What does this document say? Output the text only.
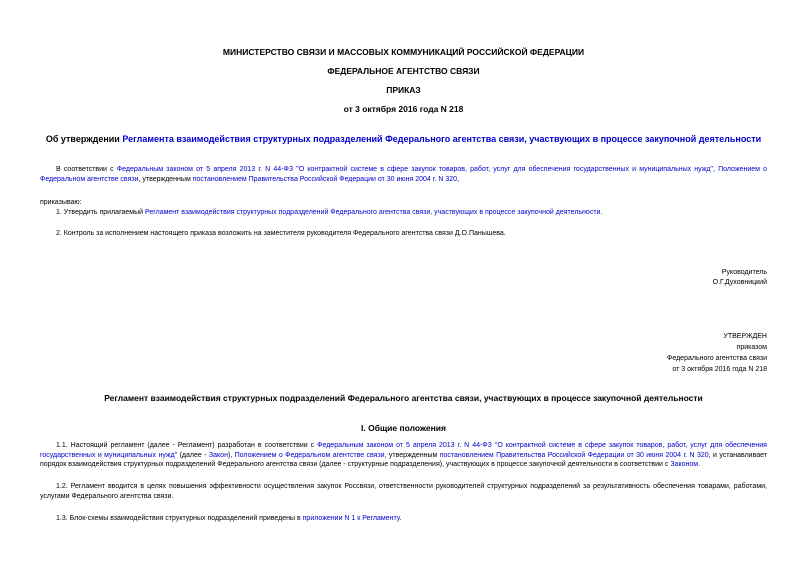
МИНИСТЕРСТВО СВЯЗИ И МАССОВЫХ КОММУНИКАЦИЙ РОССИЙСКОЙ ФЕДЕРАЦИИ
ФЕДЕРАЛЬНОЕ АГЕНТСТВО СВЯЗИ
ПРИКАЗ
от 3 октября 2016 года N 218
Об утверждении Регламента взаимодействия структурных подразделений Федерального агентства связи, участвующих в процессе закупочной деятельности
В соответствии с Федеральным законом от 5 апреля 2013 г. N 44-ФЗ "О контрактной системе в сфере закупок товаров, работ, услуг для обеспечения государственных и муниципальных нужд", Положением о Федеральном агентстве связи, утвержденным постановлением Правительства Российской Федерации от 30 июня 2004 г. N 320,
приказываю:
1. Утвердить прилагаемый Регламент взаимодействия структурных подразделений Федерального агентства связи, участвующих в процессе закупочной деятельности.
2. Контроль за исполнением настоящего приказа возложить на заместителя руководителя Федерального агентства связи Д.О.Панышева.
Руководитель
О.Г.Духовницкий
УТВЕРЖДЕН
приказом
Федерального агентства связи
от 3 октября 2016 года N 218
Регламент взаимодействия структурных подразделений Федерального агентства связи, участвующих в процессе закупочной деятельности
I. Общие положения
1.1. Настоящий регламент (далее - Регламент) разработан в соответствии с Федеральным законом от 5 апреля 2013 г. N 44-ФЗ "О контрактной системе в сфере закупок товаров, работ, услуг для обеспечения государственных и муниципальных нужд" (далее - Закон), Положением о Федеральном агентстве связи, утвержденным постановлением Правительства Российской Федерации от 30 июня 2004 г. N 320, и устанавливает порядок взаимодействия структурных подразделений Федерального агентства связи (далее - структурные подразделения), участвующих в процессе закупочной деятельности в соответствии с Законом.
1.2. Регламент вводится в целях повышения эффективности осуществления закупок Россвязи, ответственности руководителей структурных подразделений за результативность обеспечения товарами, работами, услугами Федерального агентства связи.
1.3. Блок-схемы взаимодействия структурных подразделений приведены в приложении N 1 к Регламенту.
